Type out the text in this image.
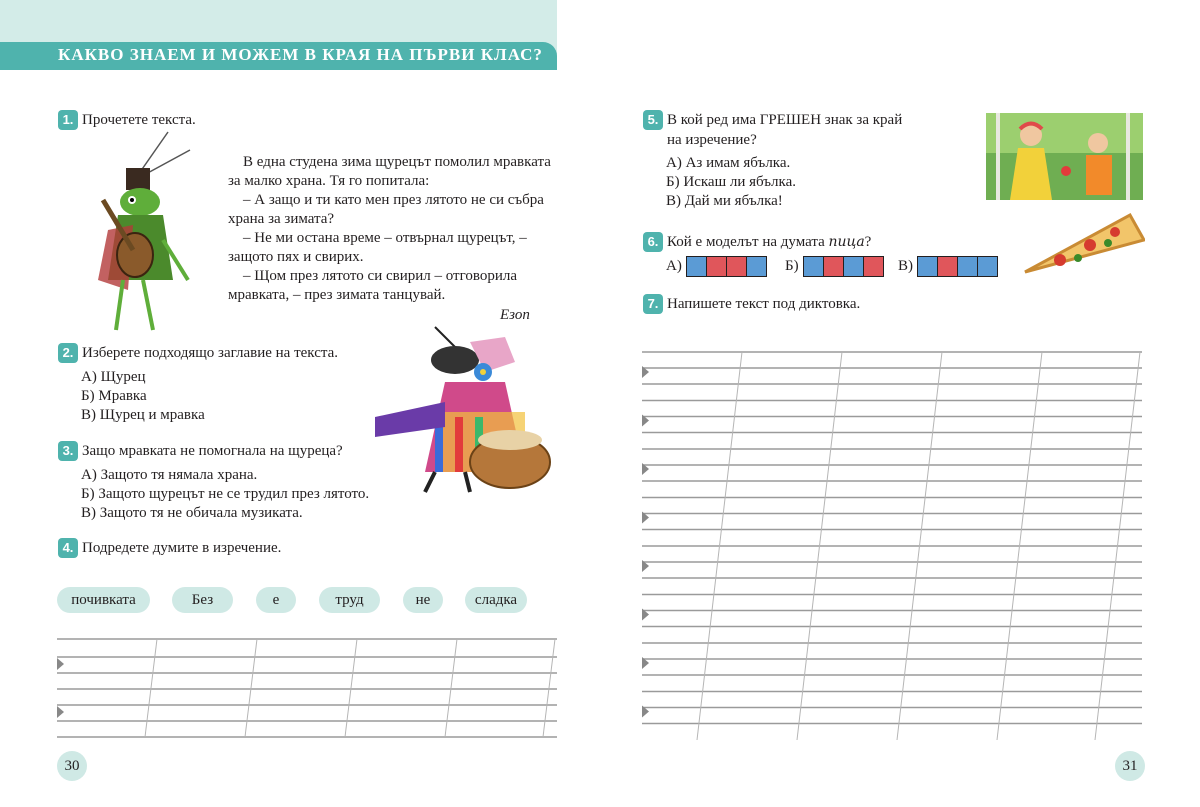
КАКВО ЗНАЕМ И МОЖЕМ В КРАЯ НА ПЪРВИ КЛАС?
1. Прочетете текста.

В една студена зима щурецът помолил мравката за малко храна. Тя го попитала:

– А защо и ти като мен през лятото не си събра храна за зимата?

– Не ми остана време – отвърнал щурецът, – защото пях и свирих.

– Щом през лятото си свирил – отговорила мравката, – през зимата танцувай.

Езоп
2. Изберете подходящо заглавие на текста.
А) Щурец
Б) Мравка
В) Щурец и мравка
3. Защо мравката не помогнала на щуреца?
А) Защото тя нямала храна.
Б) Защото щурецът не се трудил през лятото.
В) Защото тя не обичала музиката.
4. Подредете думите в изречение.
почивката	Без	е	труд	не	сладка
30
5. В кой ред има ГРЕШЕН знак за край
на изречение?
А) Аз имам ябълка.
Б) Искаш ли ябълка.
В) Дай ми ябълка!
6. Кой е моделът на думата пица?
А)	Б)	В)
7. Напишете текст под диктовка.
31
